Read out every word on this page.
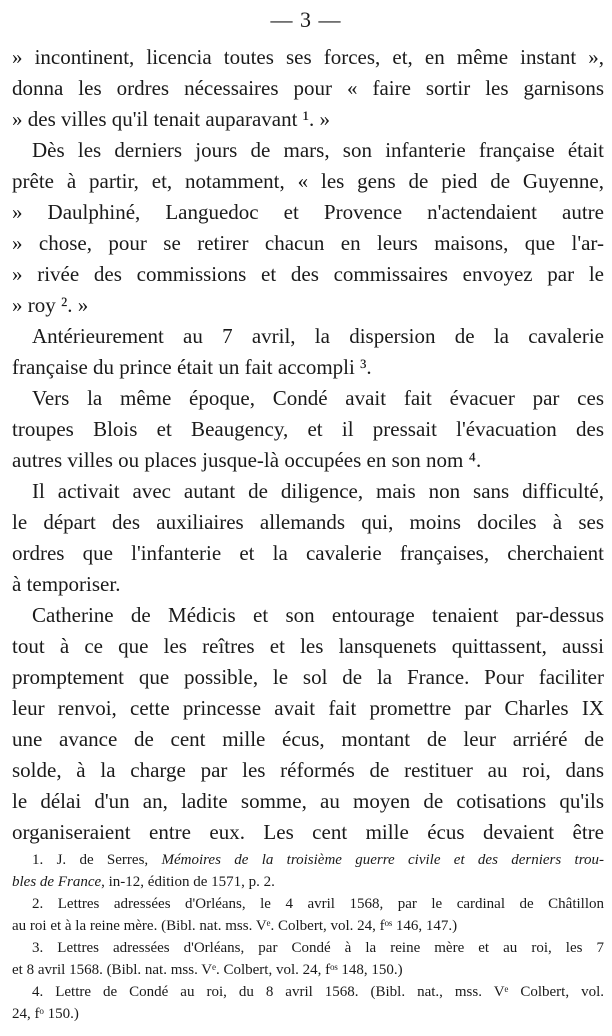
— 3 —
» incontinent, licencia toutes ses forces, et, en même instant »,
donna les ordres nécessaires pour « faire sortir les garnisons
» des villes qu'il tenait auparavant ¹. »
Dès les derniers jours de mars, son infanterie française était
prête à partir, et, notamment, « les gens de pied de Guyenne,
» Daulphiné, Languedoc et Provence n'actendaient autre
» chose, pour se retirer chacun en leurs maisons, que l'ar-
» rivée des commissions et des commissaires envoyez par le
» roy ². »
Antérieurement au 7 avril, la dispersion de la cavalerie
française du prince était un fait accompli ³.
Vers la même époque, Condé avait fait évacuer par ces
troupes Blois et Beaugency, et il pressait l'évacuation des
autres villes ou places jusque-là occupées en son nom ⁴.
Il activait avec autant de diligence, mais non sans difficulté,
le départ des auxiliaires allemands qui, moins dociles à ses
ordres que l'infanterie et la cavalerie françaises, cherchaient
à temporiser.
Catherine de Médicis et son entourage tenaient par-dessus
tout à ce que les reîtres et les lansquenets quittassent, aussi
promptement que possible, le sol de la France. Pour faciliter
leur renvoi, cette princesse avait fait promettre par Charles IX
une avance de cent mille écus, montant de leur arriéré de
solde, à la charge par les réformés de restituer au roi, dans
le délai d'un an, ladite somme, au moyen de cotisations qu'ils
organiseraient entre eux. Les cent mille écus devaient être
1. J. de Serres, Mémoires de la troisième guerre civile et des derniers trou-
bles de France, in-12, édition de 1571, p. 2.
2. Lettres adressées d'Orléans, le 4 avril 1568, par le cardinal de Châtillon
au roi et à la reine mère. (Bibl. nat. mss. Vᵉ. Colbert, vol. 24, fᵒˢ 146, 147.)
3. Lettres adressées d'Orléans, par Condé à la reine mère et au roi, les 7
et 8 avril 1568. (Bibl. nat. mss. Vᵉ. Colbert, vol. 24, fᵒˢ 148, 150.)
4. Lettre de Condé au roi, du 8 avril 1568. (Bibl. nat., mss. Vᵉ Colbert, vol.
24, fᵒ 150.)
